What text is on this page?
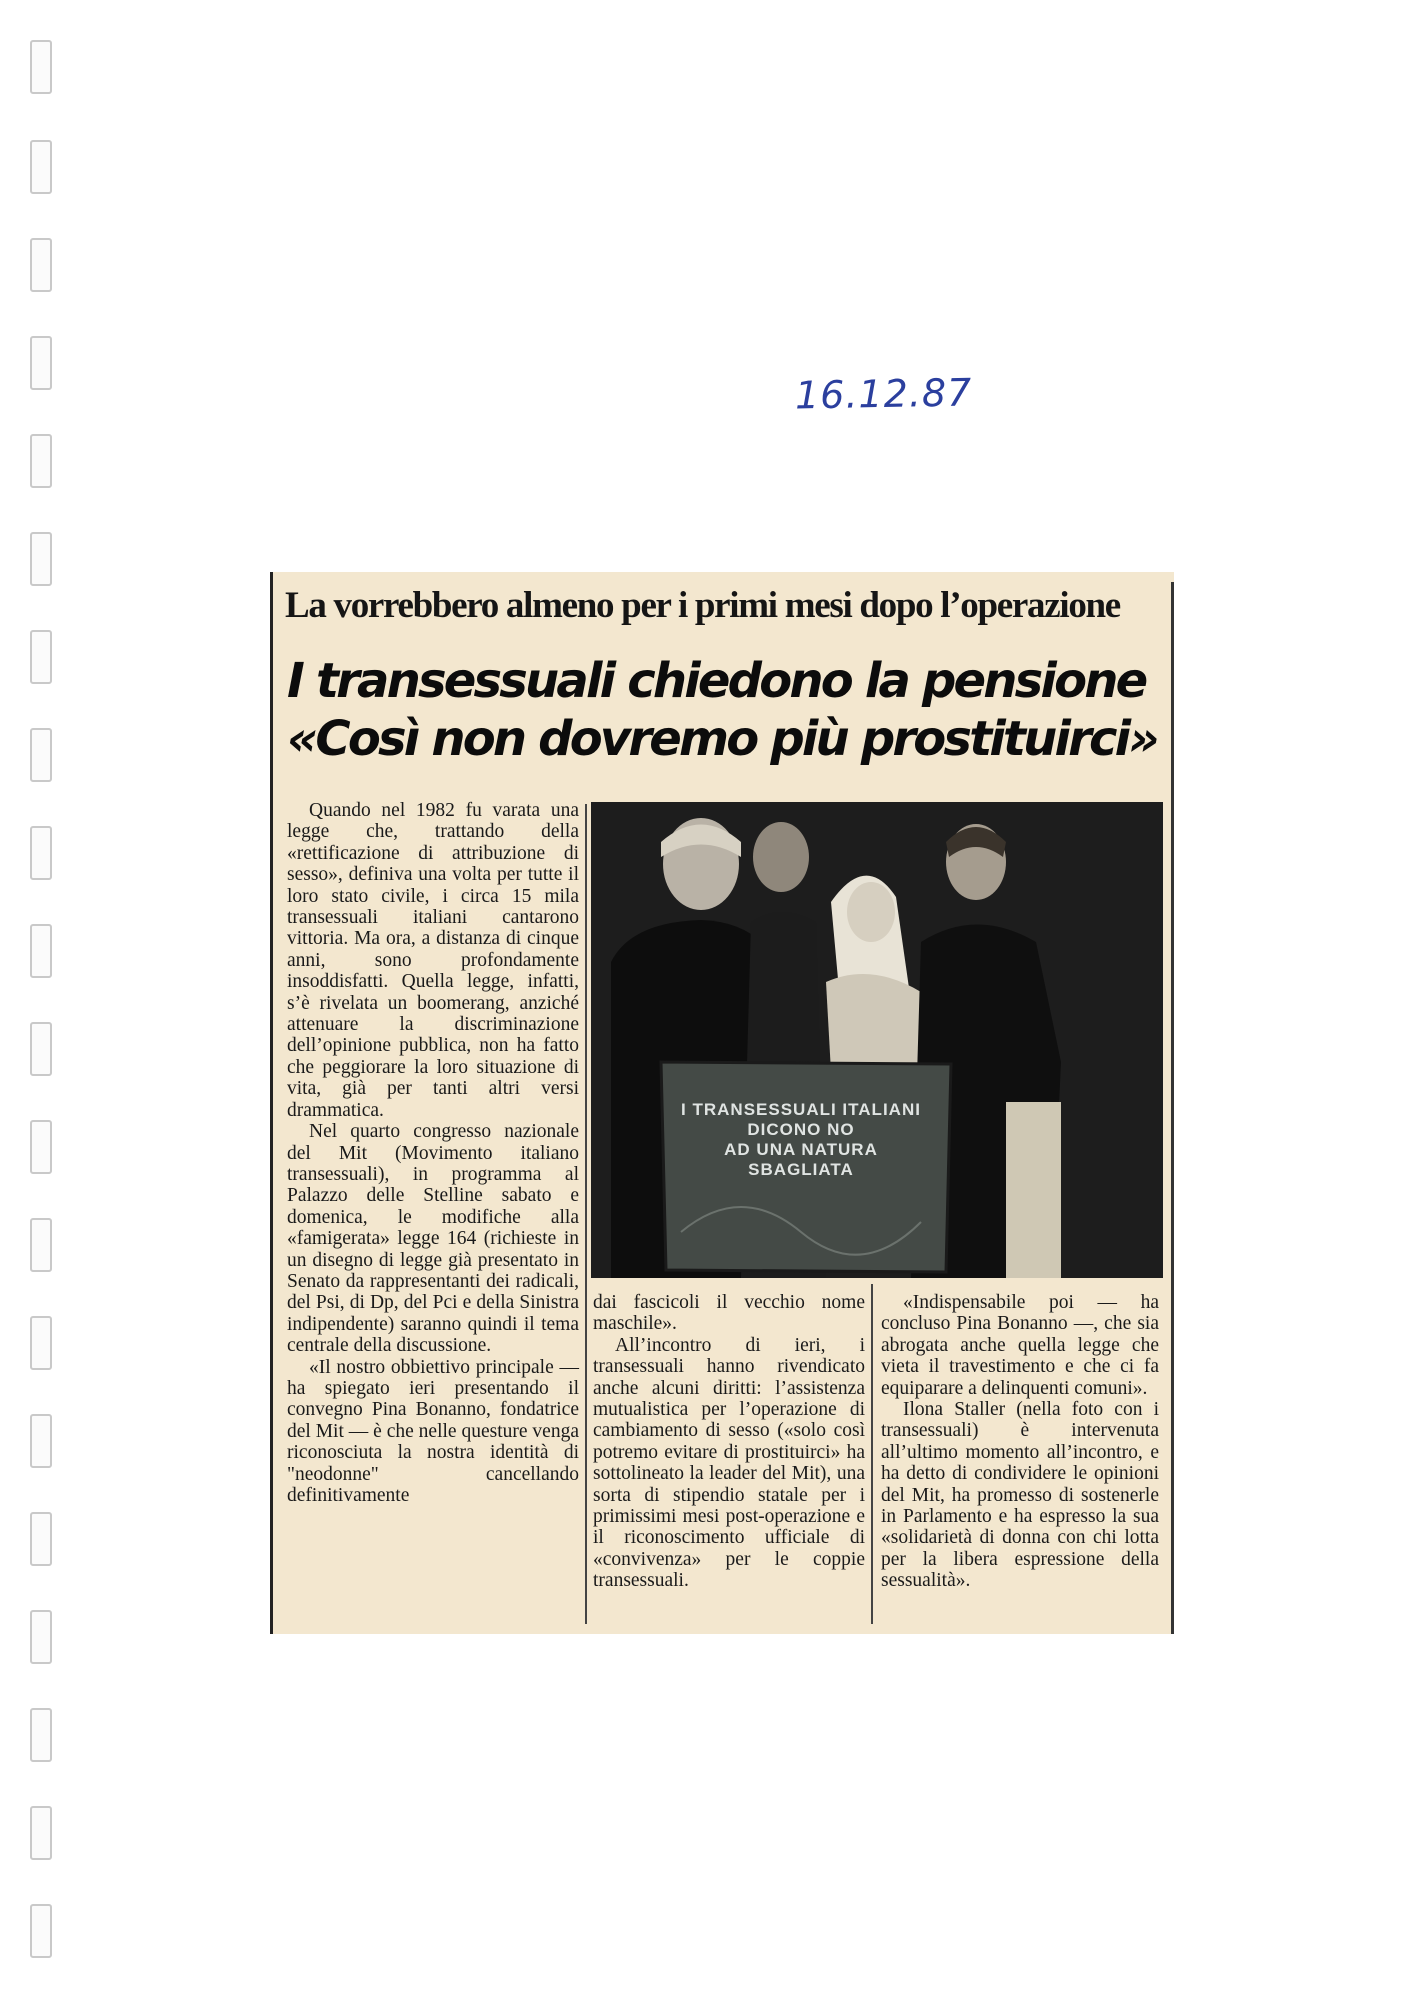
16.12.87
La vorrebbero almeno per i primi mesi dopo l’operazione
I transessuali chiedono la pensione
«Così non dovremo più prostituirci»

Quando nel 1982 fu varata una legge che, trattando della «rettificazione di attribuzione di sesso», definiva una volta per tutte il loro stato civile, i circa 15 mila transessuali italiani cantarono vittoria. Ma ora, a distanza di cinque anni, sono profondamente insoddisfatti. Quella legge, infatti, s’è rivelata un boomerang, anziché attenuare la discriminazione dell’opinione pubblica, non ha fatto che peggiorare la loro situazione di vita, già per tanti altri versi drammatica.

Nel quarto congresso nazionale del Mit (Movimento italiano transessuali), in programma al Palazzo delle Stelline sabato e domenica, le modifiche alla «famigerata» legge 164 (richieste in un disegno di legge già presentato in Senato da rappresentanti dei radicali, del Psi, di Dp, del Pci e della Sinistra indipendente) saranno quindi il tema centrale della discussione.

«Il nostro obbiettivo principale — ha spiegato ieri presentando il convegno Pina Bonanno, fondatrice del Mit — è che nelle questure venga riconosciuta la nostra identità di "neodonne" cancellando definitivamente

I TRANSESSUALI ITALIANI
DICONO NO
AD UNA NATURA
SBAGLIATA

dai fascicoli il vecchio nome maschile».

All’incontro di ieri, i transessuali hanno rivendicato anche alcuni diritti: l’assistenza mutualistica per l’operazione di cambiamento di sesso («solo così potremo evitare di prostituirci» ha sottolineato la leader del Mit), una sorta di stipendio statale per i primissimi mesi post-operazione e il riconoscimento ufficiale di «convivenza» per le coppie transessuali.

«Indispensabile poi — ha concluso Pina Bonanno —, che sia abrogata anche quella legge che vieta il travestimento e che ci fa equiparare a delinquenti comuni».

Ilona Staller (nella foto con i transessuali) è intervenuta all’ultimo momento all’incontro, e ha detto di condividere le opinioni del Mit, ha promesso di sostenerle in Parlamento e ha espresso la sua «solidarietà di donna con chi lotta per la libera espressione della sessualità».
